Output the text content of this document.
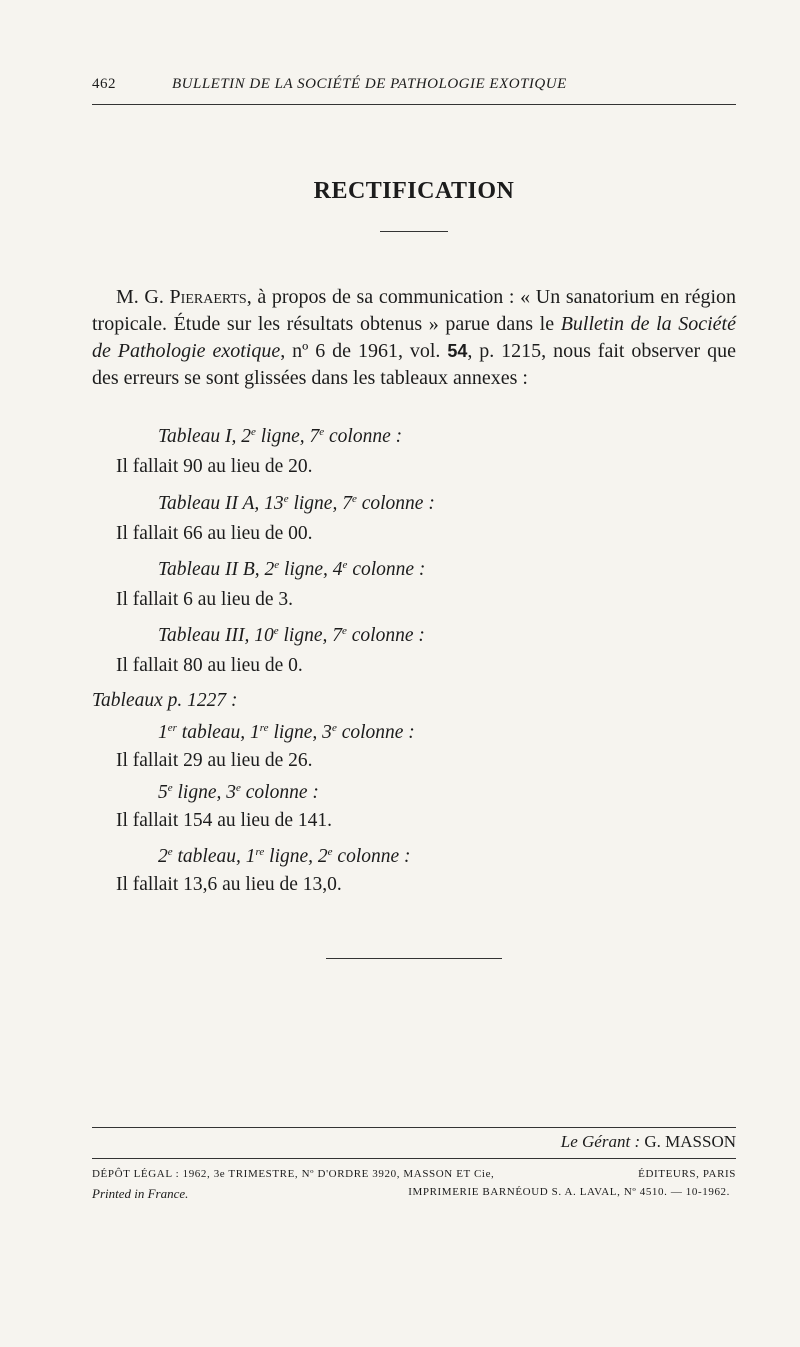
462	BULLETIN DE LA SOCIÉTÉ DE PATHOLOGIE EXOTIQUE
RECTIFICATION
M. G. Pieraerts, à propos de sa communication : « Un sanatorium en région tropicale. Étude sur les résultats obtenus » parue dans le Bulletin de la Société de Pathologie exotique, nº 6 de 1961, vol. 54, p. 1215, nous fait observer que des erreurs se sont glissées dans les tableaux annexes :
Tableau I, 2e ligne, 7e colonne :
Il fallait 90 au lieu de 20.
Tableau II A, 13e ligne, 7e colonne :
Il fallait 66 au lieu de 00.
Tableau II B, 2e ligne, 4e colonne :
Il fallait 6 au lieu de 3.
Tableau III, 10e ligne, 7e colonne :
Il fallait 80 au lieu de 0.
Tableaux p. 1227 :
1er tableau, 1re ligne, 3e colonne :
Il fallait 29 au lieu de 26.
5e ligne, 3e colonne :
Il fallait 154 au lieu de 141.
2e tableau, 1re ligne, 2e colonne :
Il fallait 13,6 au lieu de 13,0.
Le Gérant : G. MASSON
DÉPÔT LÉGAL : 1962, 3e TRIMESTRE, Nº D'ORDRE 3920, MASSON ET Cie,	ÉDITEURS, PARIS
Printed in France.	IMPRIMERIE BARNÉOUD S. A. LAVAL, Nº 4510. — 10-1962.
